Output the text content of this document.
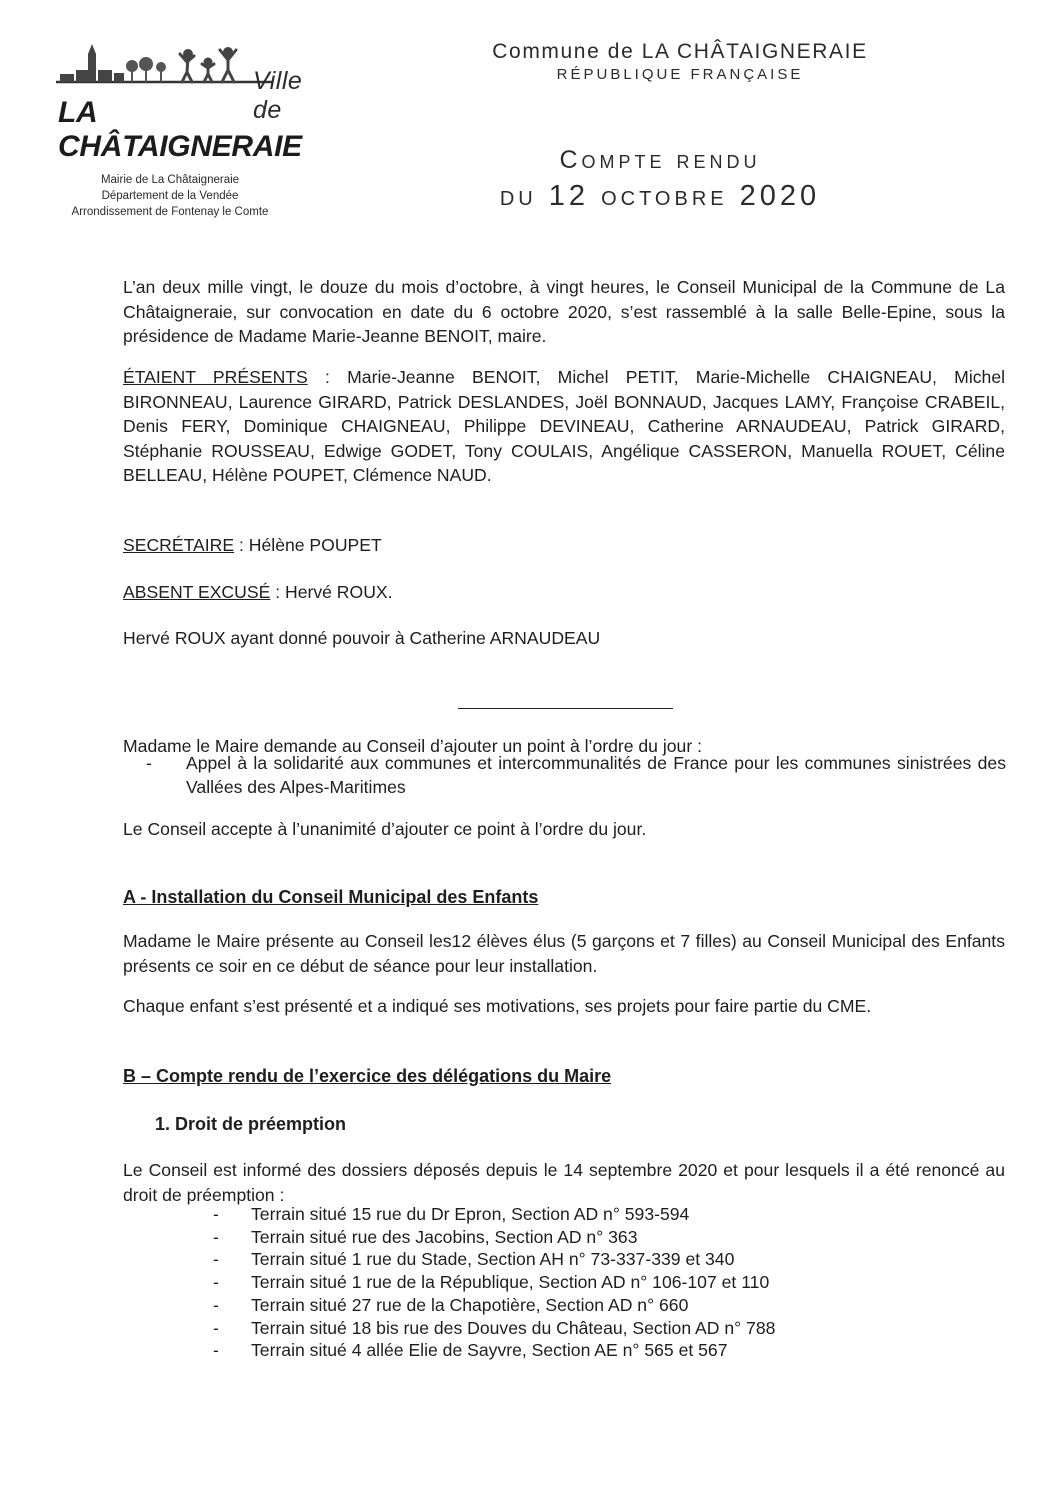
Ville de
LA CHÂTAIGNERAIE
Mairie de La Châtaigneraie
Département de la Vendée
Arrondissement de Fontenay le Comte
Commune de LA CHÂTAIGNERAIE
RÉPUBLIQUE FRANÇAISE
Compte rendu
du 12 octobre 2020
L’an deux mille vingt, le douze du mois d’octobre, à vingt heures, le Conseil Municipal de la Commune de La Châtaigneraie, sur convocation en date du 6 octobre 2020, s’est rassemblé à la salle Belle-Epine, sous la présidence de Madame Marie-Jeanne BENOIT, maire.
ÉTAIENT PRÉSENTS : Marie-Jeanne BENOIT, Michel PETIT, Marie-Michelle CHAIGNEAU, Michel BIRONNEAU, Laurence GIRARD, Patrick DESLANDES, Joël BONNAUD, Jacques LAMY, Françoise CRABEIL, Denis FERY, Dominique CHAIGNEAU, Philippe DEVINEAU, Catherine ARNAUDEAU, Patrick GIRARD, Stéphanie ROUSSEAU, Edwige GODET, Tony COULAIS, Angélique CASSERON, Manuella ROUET, Céline BELLEAU, Hélène POUPET, Clémence NAUD.
SECRÉTAIRE : Hélène POUPET
ABSENT EXCUSÉ : Hervé ROUX.
Hervé ROUX ayant donné pouvoir à Catherine ARNAUDEAU
Madame le Maire demande au Conseil d’ajouter un point à l’ordre du jour :
- Appel à la solidarité aux communes et intercommunalités de France pour les communes sinistrées des Vallées des Alpes-Maritimes
Le Conseil accepte à l’unanimité d’ajouter ce point à l’ordre du jour.
A - Installation du Conseil Municipal des Enfants
Madame le Maire présente au Conseil les12 élèves élus (5 garçons et 7 filles) au Conseil Municipal des Enfants présents ce soir en ce début de séance pour leur installation.
Chaque enfant s’est présenté et a indiqué ses motivations, ses projets pour faire partie du CME.
B – Compte rendu de l’exercice des délégations du Maire
1. Droit de préemption
Le Conseil est informé des dossiers déposés depuis le 14 septembre 2020 et pour lesquels il a été renoncé au droit de préemption :
- Terrain situé 15 rue du Dr Epron, Section AD n° 593-594
- Terrain situé rue des Jacobins, Section AD n° 363
- Terrain situé 1 rue du Stade, Section AH n° 73-337-339 et 340
- Terrain situé 1 rue de la République, Section AD n° 106-107 et 110
- Terrain situé 27 rue de la Chapotière, Section AD n° 660
- Terrain situé 18 bis rue des Douves du Château, Section AD n° 788
- Terrain situé 4 allée Elie de Sayvre, Section AE n° 565 et 567
